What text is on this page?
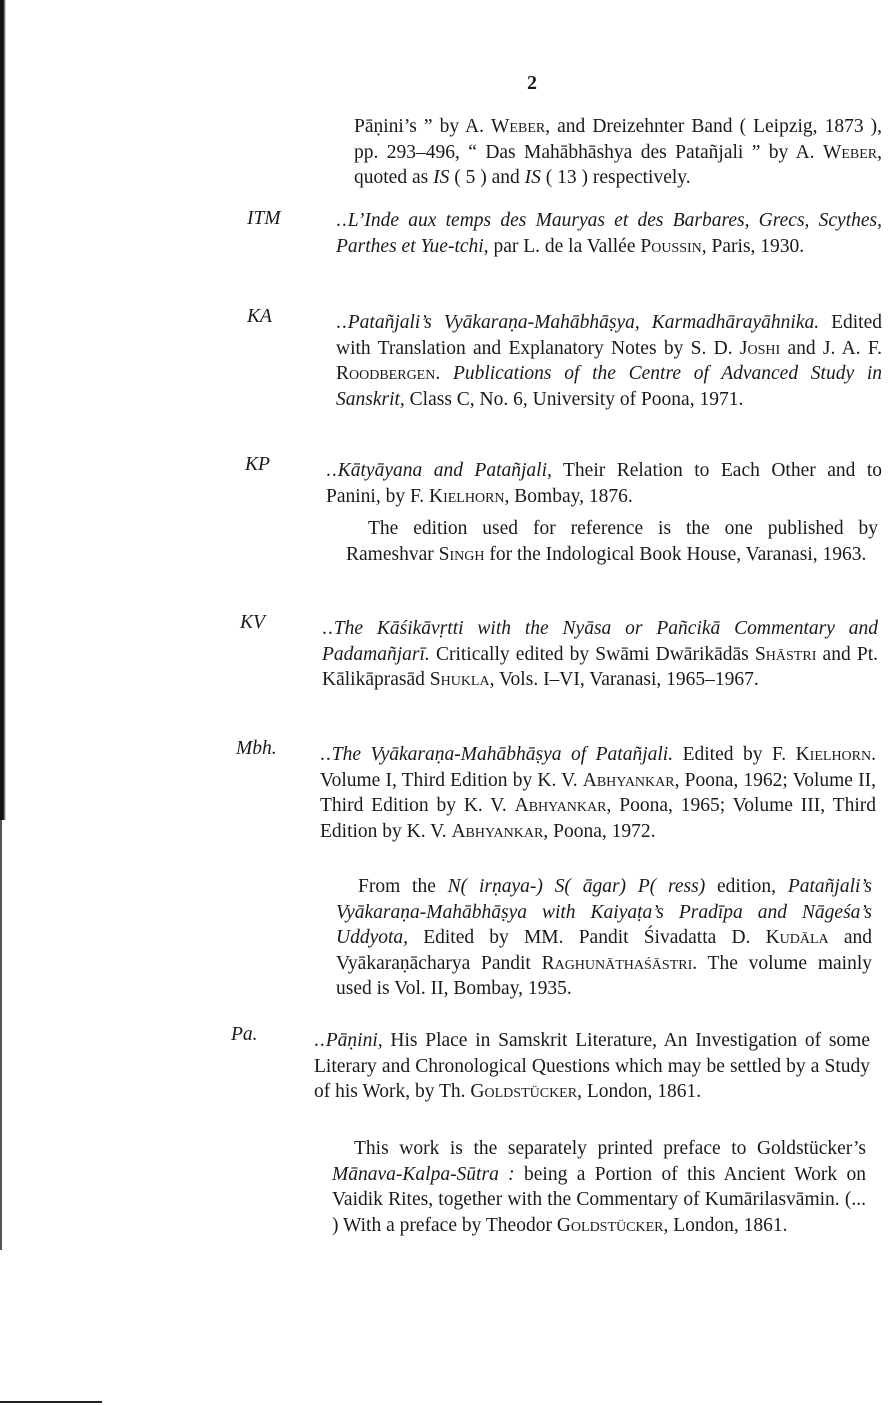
2
Pāṇini’s ” by A. Weber, and Dreizehnter Band ( Leipzig, 1873 ), pp. 293–496, “ Das Mahābhāshya des Patañjali ” by A. Weber, quoted as IS ( 5 ) and IS ( 13 ) respectively.
ITM	..L’Inde aux temps des Mauryas et des Barbares, Grecs, Scythes, Parthes et Yue-tchi, par L. de la Vallée Poussin, Paris, 1930.
KA	..Patañjali’s Vyākaraṇa-Mahābhāṣya, Karmadhārayāhnika. Edited with Translation and Explanatory Notes by S. D. Joshi and J. A. F. Roodbergen. Publications of the Centre of Advanced Study in Sanskrit, Class C, No. 6, University of Poona, 1971.
KP	..Kātyāyana and Patañjali, Their Relation to Each Other and to Panini, by F. Kielhorn, Bombay, 1876.
The edition used for reference is the one published by Rameshvar Singh for the Indological Book House, Varanasi, 1963.
KV	..The Kāśikāvṛtti with the Nyāsa or Pañcikā Commentary and Padamañjarī. Critically edited by Swāmi Dwārikādās Shāstri and Pt. Kālikāprasād Shukla, Vols. I–VI, Varanasi, 1965–1967.
Mbh. ..The Vyākaraṇa-Mahābhāṣya of Patañjali. Edited by F. Kielhorn. Volume I, Third Edition by K. V. Abhyankar, Poona, 1962; Volume II, Third Edition by K. V. Abhyankar, Poona, 1965; Volume III, Third Edition by K. V. Abhyankar, Poona, 1972.
From the N( irṇaya-) S( āgar) P( ress) edition, Patañjali’s Vyākaraṇa-Mahābhāṣya with Kaiyaṭa’s Pradīpa and Nāgeśa’s Uddyota, Edited by MM. Pandit Śivadatta D. Kudāla and Vyākaraṇācharya Pandit Raghunāthaśāstri. The volume mainly used is Vol. II, Bombay, 1935.
Pa.	..Pāṇini, His Place in Samskrit Literature, An Investigation of some Literary and Chronological Questions which may be settled by a Study of his Work, by Th. Goldstücker, London, 1861.
This work is the separately printed preface to Goldstücker’s Mānava-Kalpa-Sūtra : being a Portion of this Ancient Work on Vaidik Rites, together with the Commentary of Kumārilasvāmin. (... ) With a preface by Theodor Goldstücker, London, 1861.
